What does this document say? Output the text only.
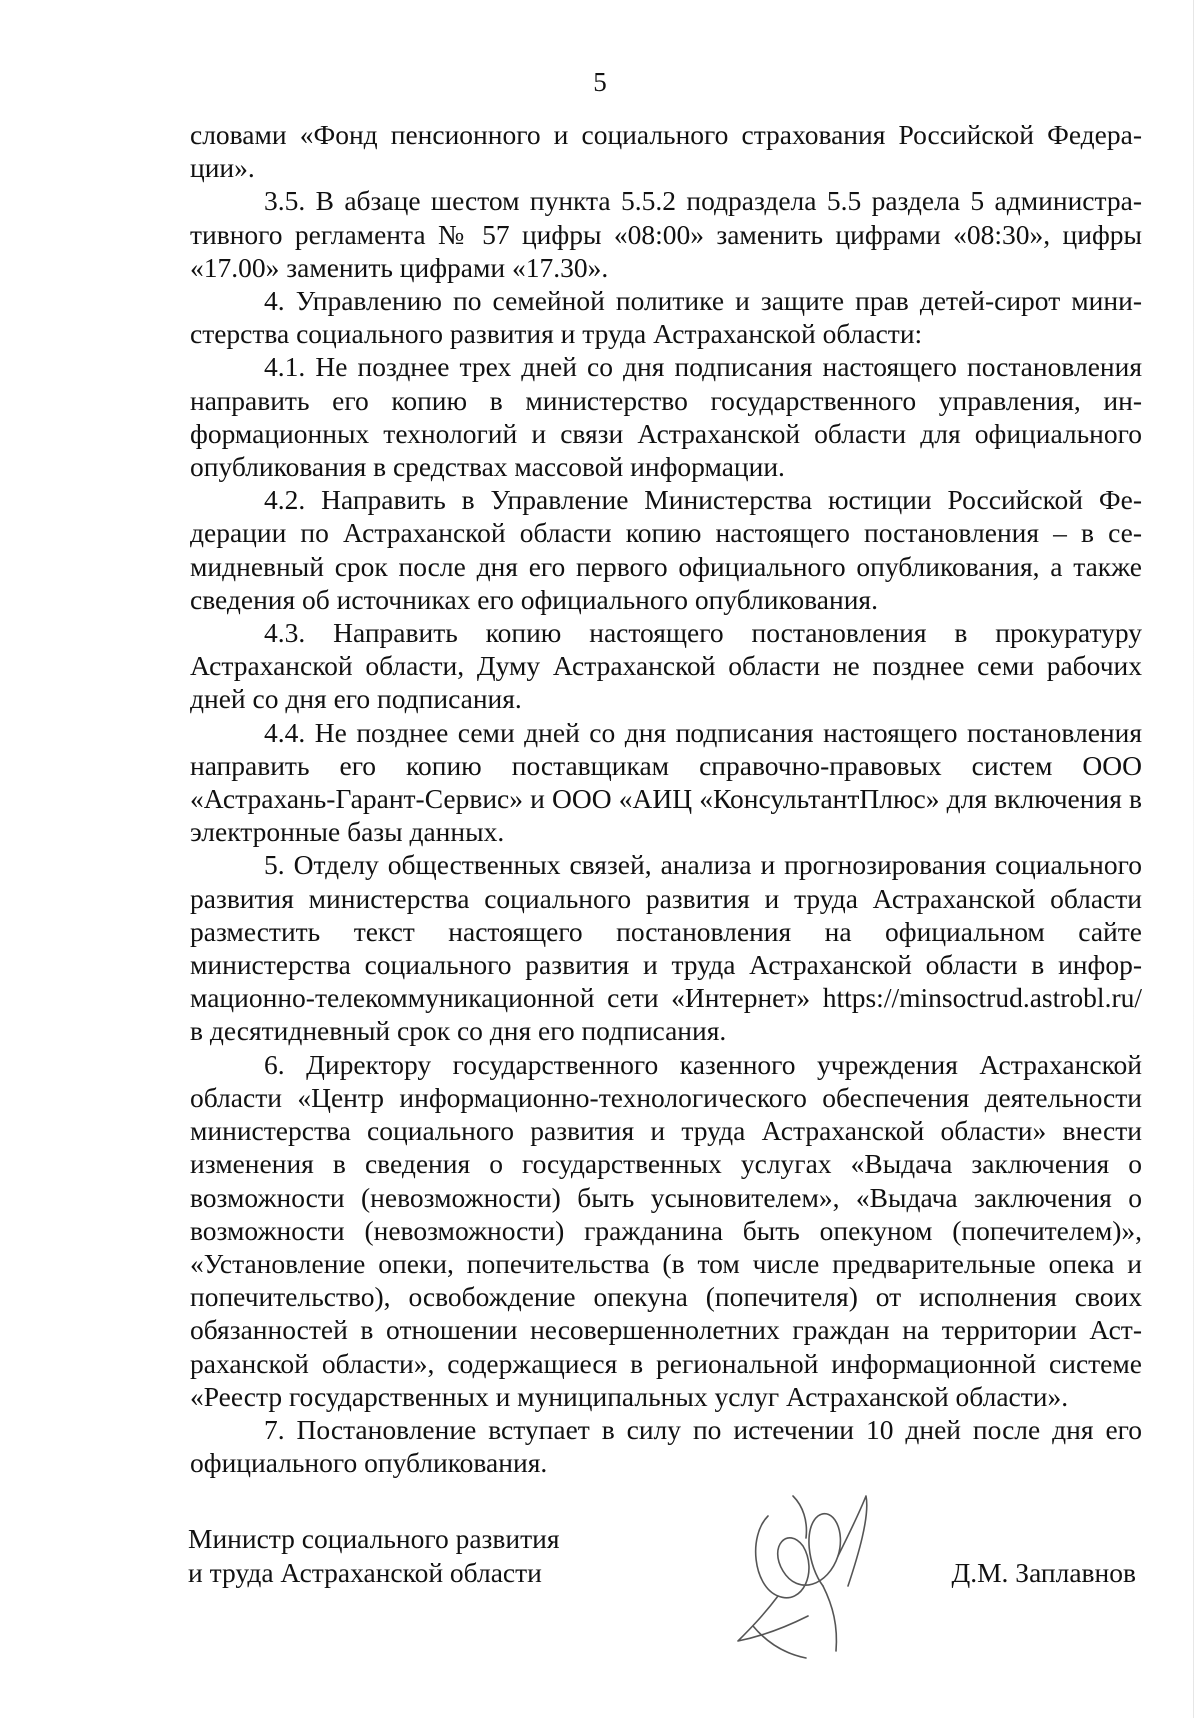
5

словами «Фонд пенсионного и социального страхования Российской Федерации».

3.5. В абзаце шестом пункта 5.5.2 подраздела 5.5 раздела 5 административного регламента № 57 цифры «08:00» заменить цифрами «08:30», цифры «17.00» заменить цифрами «17.30».

4. Управлению по семейной политике и защите прав детей-сирот министерства социального развития и труда Астраханской области:

4.1. Не позднее трех дней со дня подписания настоящего постановления направить его копию в министерство государственного управления, информационных технологий и связи Астраханской области для официального опубликования в средствах массовой информации.

4.2. Направить в Управление Министерства юстиции Российской Федерации по Астраханской области копию настоящего постановления – в семидневный срок после дня его первого официального опубликования, а также сведения об источниках его официального опубликования.

4.3. Направить копию настоящего постановления в прокуратуру Астраханской области, Думу Астраханской области не позднее семи рабочих дней со дня его подписания.

4.4. Не позднее семи дней со дня подписания настоящего постановления направить его копию поставщикам справочно-правовых систем ООО «Астрахань-Гарант-Сервис» и ООО «АИЦ «КонсультантПлюс» для включения в электронные базы данных.

5. Отделу общественных связей, анализа и прогнозирования социального развития министерства социального развития и труда Астраханской области разместить текст настоящего постановления на официальном сайте министерства социального развития и труда Астраханской области в информационно-телекоммуникационной сети «Интернет» https://minsoctrud.astrobl.ru/ в десятидневный срок со дня его подписания.

6. Директору государственного казенного учреждения Астраханской области «Центр информационно-технологического обеспечения деятельности министерства социального развития и труда Астраханской области» внести изменения в сведения о государственных услугах «Выдача заключения о возможности (невозможности) быть усыновителем», «Выдача заключения о возможности (невозможности) гражданина быть опекуном (попечителем)», «Установление опеки, попечительства (в том числе предварительные опека и попечительство), освобождение опекуна (попечителя) от исполнения своих обязанностей в отношении несовершеннолетних граждан на территории Астраханской области», содержащиеся в региональной информационной системе «Реестр государственных и муниципальных услуг Астраханской области».

7. Постановление вступает в силу по истечении 10 дней после дня его официального опубликования.

Министр социального развития
и труда Астраханской области	Д.М. Заплавнов
